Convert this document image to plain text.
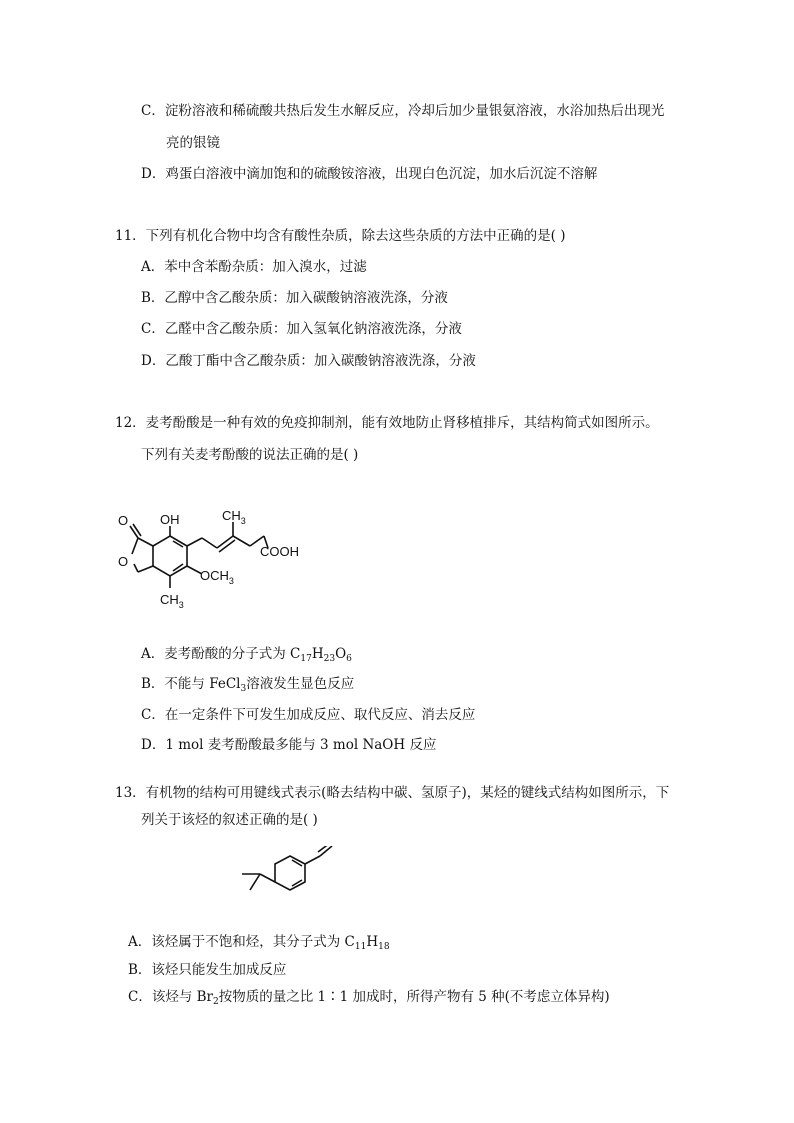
C．淀粉溶液和稀硫酸共热后发生水解反应，冷却后加少量银氨溶液，水浴加热后出现光
亮的银镜
D．鸡蛋白溶液中滴加饱和的硫酸铵溶液，出现白色沉淀，加水后沉淀不溶解
11．下列有机化合物中均含有酸性杂质，除去这些杂质的方法中正确的是( )
A．苯中含苯酚杂质：加入溴水，过滤
B．乙醇中含乙酸杂质：加入碳酸钠溶液洗涤，分液
C．乙醛中含乙酸杂质：加入氢氧化钠溶液洗涤，分液
D．乙酸丁酯中含乙酸杂质：加入碳酸钠溶液洗涤，分液
12．麦考酚酸是一种有效的免疫抑制剂，能有效地防止肾移植排斥，其结构简式如图所示。
下列有关麦考酚酸的说法正确的是( )
O OH
O
$CH_3$
COOH
$OCH_3$
$CH_3$
A．麦考酚酸的分子式为 $C_{17}H_{23}O_6$
B．不能与 FeCl$_3$溶液发生显色反应
C．在一定条件下可发生加成反应、取代反应、消去反应
D．1 mol 麦考酚酸最多能与 3 mol NaOH 反应
13．有机物的结构可用键线式表示(略去结构中碳、氢原子)，某烃的键线式结构如图所示，下
列关于该烃的叙述正确的是( )
A．该烃属于不饱和烃，其分子式为 $C_{11}H_{18}$
B．该烃只能发生加成反应
C．该烃与 $Br_2$按物质的量之比 1∶1 加成时，所得产物有 5 种(不考虑立体异构)
